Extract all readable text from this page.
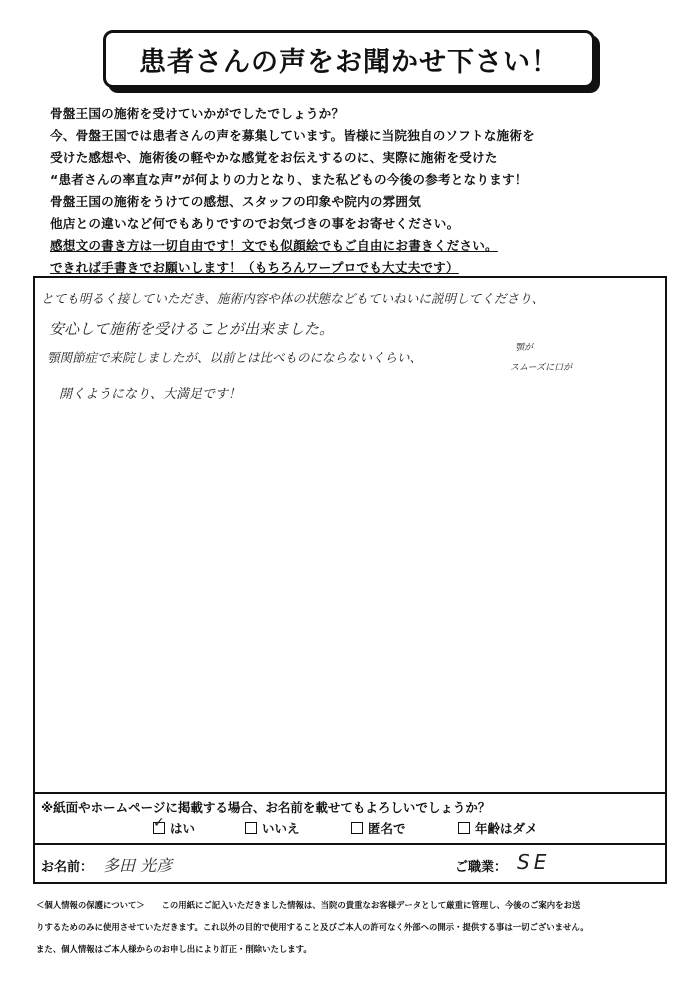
患者さんの声をお聞かせ下さい！
骨盤王国の施術を受けていかがでしたでしょうか？
今、骨盤王国では患者さんの声を募集しています。皆様に当院独自のソフトな施術を
受けた感想や、施術後の軽やかな感覚をお伝えするのに、実際に施術を受けた
“患者さんの率直な声”が何よりの力となり、また私どもの今後の参考となります！
骨盤王国の施術をうけての感想、スタッフの印象や院内の雰囲気
他店との違いなど何でもありですのでお気づきの事をお寄せください。
感想文の書き方は一切自由です！文でも似顔絵でもご自由にお書きください。
できれば手書きでお願いします！（もちろんワープロでも大丈夫です）
とても明るく接していただき、施術内容や体の状態などもていねいに説明してくださり、
安心して施術を受けることが出来ました。
顎関節症で来院しましたが、以前とは比べものにならないくらい、
顎が
スムーズに口が
開くようになり、大満足です！
※紙面やホームページに掲載する場合、お名前を載せてもよろしいでしょうか？
✓ はい	いいえ	匿名で	年齢はダメ
お名前： 多田 光彦	ご職業： SE
＜個人情報の保護について＞　　この用紙にご記入いただきました情報は、当院の貴重なお客様データとして厳重に管理し、今後のご案内をお送
りするためのみに使用させていただきます。これ以外の目的で使用すること及びご本人の許可なく外部への開示・提供する事は一切ございません。
また、個人情報はご本人様からのお申し出により訂正・削除いたします。
